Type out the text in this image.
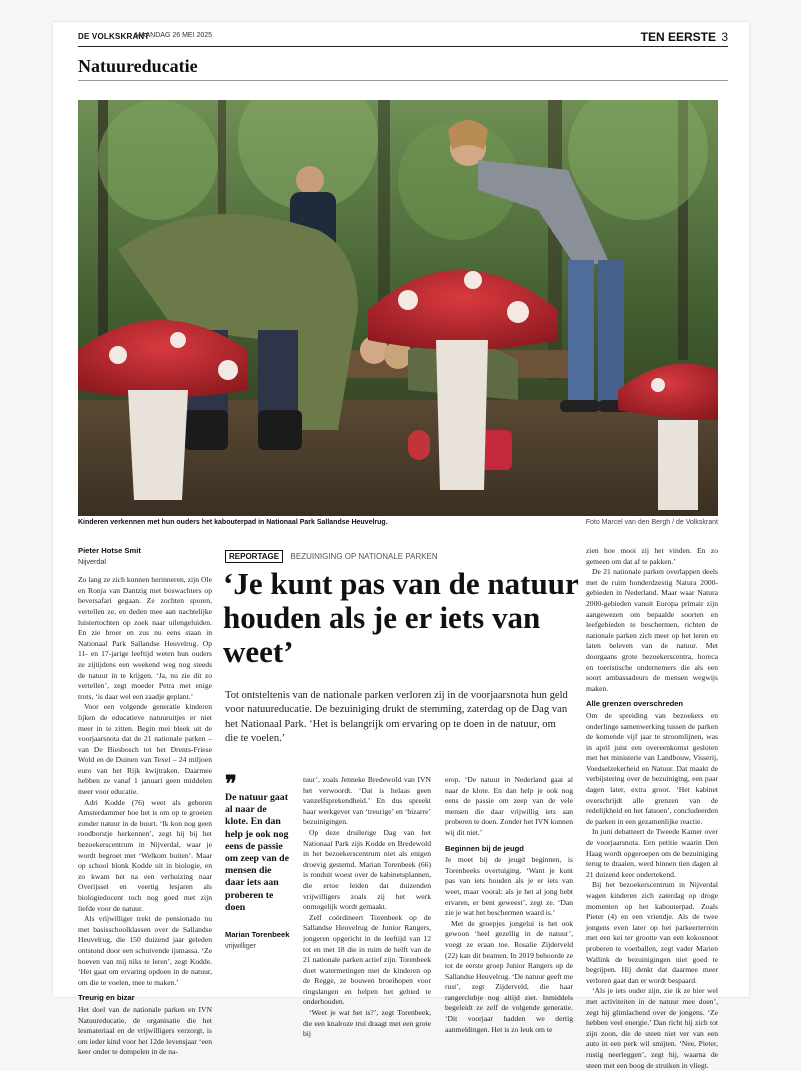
DE VOLKSKRANT
MAANDAG 26 MEI 2025	TEN EERSTE 3
Natuureducatie
Kinderen verkennen met hun ouders het kabouterpad in Nationaal Park Sallandse Heuvelrug.	Foto Marcel van den Bergh / de Volkskrant
Pieter Hotse Smit
Nijverdal

Zo lang ze zich kunnen herinneren, zijn Ole en Ronja van Dantzig met boswachters op beversafari gegaan. Ze zochten sporen, vertellen ze, en deden mee aan nachtelijke luistertochten op zoek naar uilengeluiden. En zie broer en zus nu eens staan in Nationaal Park Sallandse Heuvelrug. Op 11- en 17-jarige leeftijd weten hun ouders ze zijtijdens een weekend weg nog steeds de natuur in te krijgen. ‘Ja, nu zie dit zo vertellen’, zegt moeder Petra met enige trots, ‘is daar wel een zaadje geplant.’

Voor een volgende generatie kinderen lijken de educatieve natuuruitjes er niet meer in te zitten. Begin mei bleek uit de voorjaarsnota dat de 21 nationale parken – van De Biesbosch tot het Drents-Friese Wold en de Duinen van Texel – 24 miljoen euro van het Rijk kwijtraken. Daarmee hebben ze vanaf 1 januari geen middelen meer voor educatie.

Adri Kodde (76) weet als geboren Amsterdammer hoe het is om op te groeien zonder natuur in de buurt. ‘Ik kon nog geen roodborstje herkennen’, zegt hij bij het bezoekerscentrum in Nijverdal, waar je wordt begroet met ‘Welkom buiten’. Maar op school blonk Kodde uit in biologie, en zo kwam het na een verhuizing naar Overijssel en veertig lesjaren als biologiedocent toch nog goed met zijn liefde voor de natuur.

Als vrijwilliger trekt de pensionado nu met basisschoolklassen over de Sallandse Heuvelrug, die 150 duizend jaar geleden ontstond door een schuivende ijsmassa. ‘Ze hoeven van mij niks te leren’, zegt Kodde. ‘Het gaat om ervaring opdoen in de natuur, om die te voelen, mee te maken.’

Treurig en bizar

Het doel van de nationale parken en IVN Natuureducatie, de organisatie die het lesmateriaal en de vrijwilligers verzorgt, is om ieder kind voor het 12de levensjaar ‘een keer onder te dompelen in de na-

REPORTAGE BEZUINIGING OP NATIONALE PARKEN
‘Je kunt pas van de natuur houden als je er iets van weet’

Tot ontsteltenis van de nationale parken verloren zij in de voorjaarsnota hun geld voor natuureducatie. De bezuiniging drukt de stemming, zaterdag op de Dag van het Nationaal Park. ‘Het is belangrijk om ervaring op te doen in de natuur, om die te voelen.’

❞

De natuur gaat al naar de klote. En dan help je ook nog eens de passie om zeep van de mensen die daar iets aan proberen te doen

Marian Torenbeek
vrijwilliger

tuur’, zoals Jenneke Bredewold van IVN het verwoordt. ‘Dat is helaas geen vanzelfsprekendheid.’ En dus spreekt haar werkgever van ‘treurige’ en ‘bizarre’ bezuinigingen.

Op deze druilerige Dag van het Nationaal Park zijn Kodde en Bredewold in het bezoekerscentrum niet als enigen droevig gestemd. Marian Torenbeek (66) is ronduit woest over de kabinetsplannen, die ertoe leiden dat duizenden vrijwilligers zoals zij het werk onmogelijk wordt gemaakt.

Zelf coördineert Torenbeek op de Sallandse Heuvelrug de Junior Rangers, jongeren opgericht in de leeftijd van 12 tot en met 18 die in ruim de helft van de 21 nationale parken actief zijn. Torenbeek doet watermetingen met de kinderen op de Regge, ze bouwen broeihopen voor ringslangen en helpen het gebied te onderhouden.

‘Weet je wat het is?’, zegt Torenbeek, die een knalroze trui draagt met een grote bij

erop. ‘De natuur in Nederland gaat al naar de klote. En dan help je ook nog eens de passie om zeep van de vele mensen die daar vrijwillig iets aan proberen te doen. Zonder het IVN kunnen wij dit niet.’

Beginnen bij de jeugd

Je moet bij de jeugd beginnen, is Torenbeeks overtuiging. ‘Want je kunt pas van iets houden als je er iets van weet, maar vooral: als je het al jong hebt ervaren, er bent geweest’, zegt ze. ‘Dan zie je wat het beschermen waard is.’

Met de groepjes jongelui is het ook gewoon ‘heel gezellig in de natuur’, voegt ze eraan toe. Rosalie Zijderveld (22) kan dit beamen. In 2019 behoorde ze tot de eerste groep Junior Rangers op de Sallandse Heuvelrug. ‘De natuur geeft me rust’, zegt Zijderveld, die haar rangerclubje nog altijd ziet. Inmiddels begeleidt ze zelf de volgende generatie. ‘Dit voorjaar hadden we dertig aanmeldingen. Het is zo leuk om te

zien hoe mooi zij het vinden. En zo gemeen om dat af te pakken.’

De 21 nationale parken overlappen deels met de ruim honderdzestig Natura 2000-gebieden in Nederland. Maar waar Natura 2000-gebieden vanuit Europa primair zijn aangewezen om bepaalde soorten en leefgebieden te beschermen, richten de nationale parken zich meer op het leren en laten beleven van de natuur. Met doorgaans grote bezoekerscentra, horeca en toeristische ondernemers die als een soort ambassadeurs de mensen wegwijs maken.

Alle grenzen overschreden

Om de spreiding van bezoekers en onderlinge samenwerking tussen de parken de komende vijf jaar te stroomlijnen, was in april juist een overeenkomst gesloten met het ministerie van Landbouw, Visserij, Voedselzekerheid en Natuur. Dat maakt de verbijstering over de bezuiniging, een paar dagen later, extra groot. ‘Het kabinet overschrijdt alle grenzen van de redelijkheid en het fatsoen’, concludeerden de parken in een gezamenlijke reactie.

In juni debatteert de Tweede Kamer over de voorjaarsnota. Een petitie waarin Den Haag wordt opgeroepen om de bezuiniging terug te draaien, werd binnen tien dagen al 21 duizend keer ondertekend.

Bij het bezoekerscentrum in Nijverdal wagen kinderen zich zaterdag op droge momenten op het kabouterpad. Zoals Pieter (4) en een vriendje. Als de twee jongens even later op het parkeerterrein met een kei ter grootte van een kokosnoot proberen te voetballen, zegt vader Marien Wallink de bezuinigingen niet goed te begrijpen. Hij denkt dat daarmee meer verloren gaat dan er wordt bespaard.

‘Als je iets ouder zijn, zie ik ze hier wel met activiteiten in de natuur mee doen’, zegt hij glimlachend over de jongens. ‘Ze hebben veel energie.’ Dan richt hij zich tot zijn zoon, die de steen niet ver van een auto in een perk wil smijten. ‘Nee, Pieter, rustig neerleggen’, zegt hij, waarna de steen met een boog de struiken in vliegt.
